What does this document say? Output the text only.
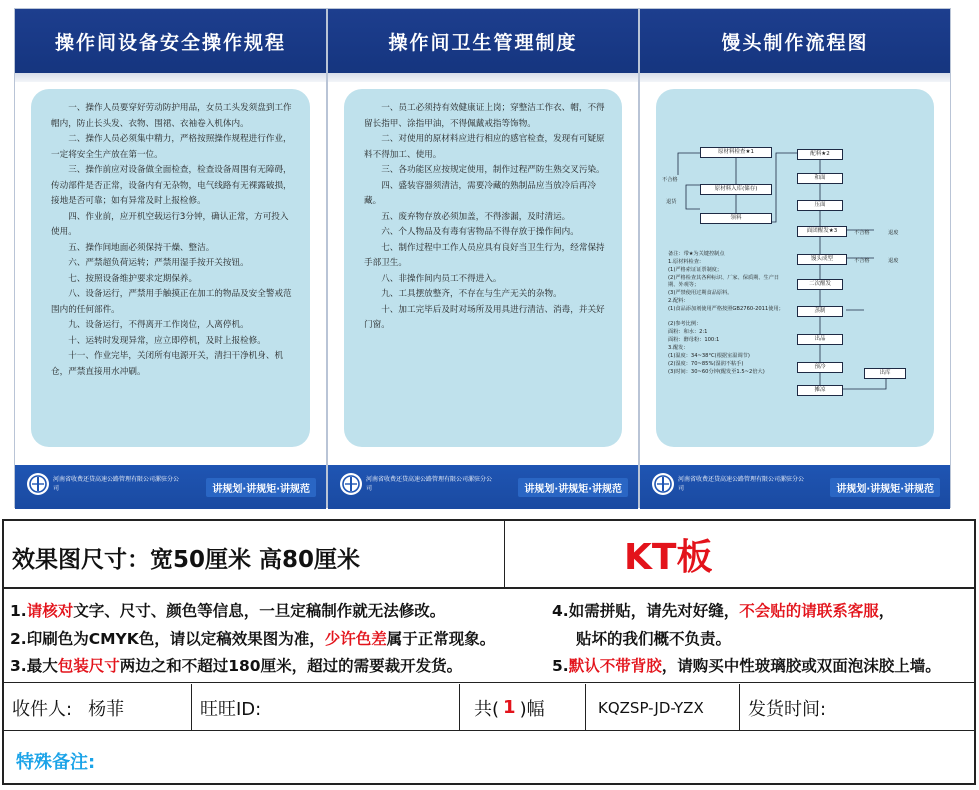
操作间设备安全操作规程

一、操作人员要穿好劳动防护用品，女员工头发须盘到工作帽内，防止长头发、衣物、围裙、衣袖卷入机体内。

二、操作人员必须集中精力，严格按照操作规程进行作业，一定将安全生产放在第一位。

三、操作前应对设备做全面检查，检查设备周围有无障碍，传动部件是否正常，设备内有无杂物，电气线路有无裸露破损，接地是否可靠；如有异常及时上报检修。

四、作业前，应开机空载运行3分钟，确认正常，方可投入使用。

五、操作间地面必须保持干燥、整洁。

六、严禁超负荷运转；严禁用湿手按开关按钮。

七、按照设备维护要求定期保养。

八、设备运行，严禁用手触摸正在加工的物品及安全警戒范围内的任何部件。

九、设备运行，不得离开工作岗位，人离停机。

十、运转时发现异常，应立即停机，及时上报检修。

十一、作业完毕，关闭所有电源开关，清扫干净机身、机仓，严禁直接用水冲刷。

河南省收费还贷高速公路管理有限公司漯驻分公司	讲规划·讲规矩·讲规范
操作间卫生管理制度

一、员工必须持有效健康证上岗；穿整洁工作衣、帽，不得留长指甲、涂指甲油，不得佩戴戒指等饰物。

二、对使用的原材料应进行相应的感官检查，发现有可疑原料不得加工、使用。

三、各功能区应按规定使用，制作过程严防生熟交叉污染。

四、盛装容器须清洁，需要冷藏的熟制品应当放冷后再冷藏。

五、废弃物存放必须加盖，不得渗漏，及时清运。

六、个人物品及有毒有害物品不得存放于操作间内。

七、制作过程中工作人员应具有良好当卫生行为，经常保持手部卫生。

八、非操作间内员工不得进入。

九、工具摆放整齐，不存在与生产无关的杂物。

十、加工完毕后及时对场所及用具进行清洁、消毒，并关好门窗。

河南省收费还贷高速公路管理有限公司漯驻分公司	讲规划·讲规矩·讲规范
馒头制作流程图
原材料检查★1
原材料入库(储存)
领料
不合格
退货
配料★2
和面
压面
面团醒发★3
馒头成型
二次醒发
蒸制
出品
预冷
摊凉
出库
不合格	退废
不合格	退废
备注：带★为关键控制点
1.原材料检查：
(1)严格索证证票制度；
(2)严格检查其各种标识、厂家、保质期、生产日期、外观等；
(3)严禁使用过期食品原料。
2.配料：
(1)食品添加剂使用严格按照GB2760-2011使用；
(2)参考比例：
面粉：和水：2:1
面粉：酵母粉：100:1
3.醒发：
(1)温度：34~38°C(根据室温调节)
(2)湿度：70~85%(湿润不粘手)
(3)时间：30~60分钟(醒发至1.5~2倍大)
河南省收费还贷高速公路管理有限公司漯驻分公司	讲规划·讲规矩·讲规范
效果图尺寸：宽50厘米 高80厘米	KT板
1.请核对文字、尺寸、颜色等信息，一旦定稿制作就无法修改。
2.印刷色为CMYK色，请以定稿效果图为准，少许色差属于正常现象。
3.最大包装尺寸两边之和不超过180厘米，超过的需要裁开发货。
4.如需拼贴，请先对好缝，不会贴的请联系客服，
贴坏的我们概不负责。
5.默认不带背胶，请购买中性玻璃胶或双面泡沫胶上墙。
收件人: 杨菲	旺旺ID:	共( 1 )幅	KQZSP-JD-YZX 发货时间:
特殊备注:
